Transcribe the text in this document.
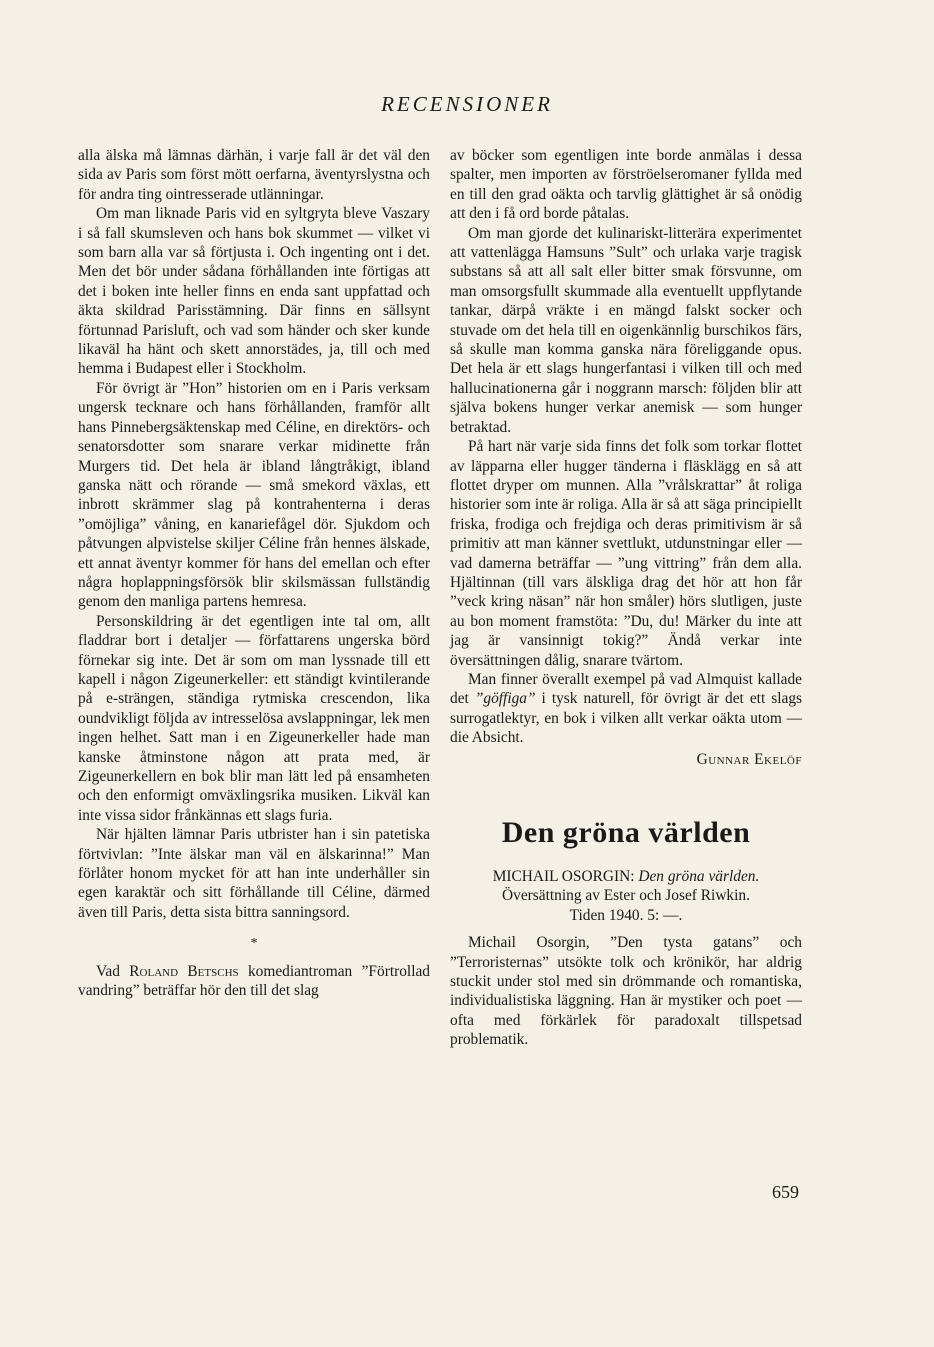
RECENSIONER

alla älska må lämnas därhän, i varje fall är det väl den sida av Paris som först mött oerfarna, äventyrslystna och för andra ting ointresserade utlänningar.

Om man liknade Paris vid en syltgryta bleve Vaszary i så fall skumsleven och hans bok skummet — vilket vi som barn alla var så förtjusta i. Och ingenting ont i det. Men det bör under sådana förhållanden inte förtigas att det i boken inte heller finns en enda sant uppfattad och äkta skildrad Parisstämning. Där finns en sällsynt förtunnad Parisluft, och vad som händer och sker kunde likaväl ha hänt och skett annorstädes, ja, till och med hemma i Budapest eller i Stockholm.

För övrigt är ”Hon” historien om en i Paris verksam ungersk tecknare och hans förhållanden, framför allt hans Pinnebergsäktenskap med Céline, en direktörs- och senatorsdotter som snarare verkar midinette från Murgers tid. Det hela är ibland långtråkigt, ibland ganska nätt och rörande — små smekord växlas, ett inbrott skrämmer slag på kontrahenterna i deras ”omöjliga” våning, en kanariefågel dör. Sjukdom och påtvungen alpvistelse skiljer Céline från hennes älskade, ett annat äventyr kommer för hans del emellan och efter några hoplappningsförsök blir skilsmässan fullständig genom den manliga partens hemresa.

Personskildring är det egentligen inte tal om, allt fladdrar bort i detaljer — författarens ungerska börd förnekar sig inte. Det är som om man lyssnade till ett kapell i någon Zigeunerkeller: ett ständigt kvintilerande på e-strängen, ständiga rytmiska crescendon, lika oundvikligt följda av intresselösa avslappningar, lek men ingen helhet. Satt man i en Zigeunerkeller hade man kanske åtminstone någon att prata med, är Zigeunerkellern en bok blir man lätt led på ensamheten och den enformigt omväxlingsrika musiken. Likväl kan inte vissa sidor frånkännas ett slags furia.

När hjälten lämnar Paris utbrister han i sin patetiska förtvivlan: ”Inte älskar man väl en älskarinna!” Man förlåter honom mycket för att han inte underhåller sin egen karaktär och sitt förhållande till Céline, därmed även till Paris, detta sista bittra sanningsord.

*

Vad Roland Betschs komediantroman ”Förtrollad vandring” beträffar hör den till det slag

av böcker som egentligen inte borde anmälas i dessa spalter, men importen av förströelseromaner fyllda med en till den grad oäkta och tarvlig glättighet är så onödig att den i få ord borde påtalas.

Om man gjorde det kulinariskt-litterära experimentet att vattenlägga Hamsuns ”Sult” och urlaka varje tragisk substans så att all salt eller bitter smak försvunne, om man omsorgsfullt skummade alla eventuellt uppflytande tankar, därpå vräkte i en mängd falskt socker och stuvade om det hela till en oigenkännlig burschikos färs, så skulle man komma ganska nära föreliggande opus. Det hela är ett slags hungerfantasi i vilken till och med hallucinationerna går i noggrann marsch: följden blir att själva bokens hunger verkar anemisk — som hunger betraktad.

På hart när varje sida finns det folk som torkar flottet av läpparna eller hugger tänderna i fläsklägg en så att flottet dryper om munnen. Alla ”vrålskrattar” åt roliga historier som inte är roliga. Alla är så att säga principiellt friska, frodiga och frejdiga och deras primitivism är så primitiv att man känner svettlukt, utdunstningar eller — vad damerna beträffar — ”ung vittring” från dem alla. Hjältinnan (till vars älskliga drag det hör att hon får ”veck kring näsan” när hon småler) hörs slutligen, juste au bon moment framstöta: ”Du, du! Märker du inte att jag är vansinnigt tokig?” Ändå verkar inte översättningen dålig, snarare tvärtom.

Man finner överallt exempel på vad Almquist kallade det ”göffiga” i tysk naturell, för övrigt är det ett slags surrogatlektyr, en bok i vilken allt verkar oäkta utom — die Absicht.

Gunnar Ekelöf
Den gröna världen
MICHAIL OSORGIN: Den gröna världen.
Översättning av Ester och Josef Riwkin.
Tiden 1940. 5: —.

Michail Osorgin, ”Den tysta gatans” och ”Terroristernas” utsökte tolk och krönikör, har aldrig stuckit under stol med sin drömmande och romantiska, individualistiska läggning. Han är mystiker och poet — ofta med förkärlek för paradoxalt tillspetsad problematik.

659
